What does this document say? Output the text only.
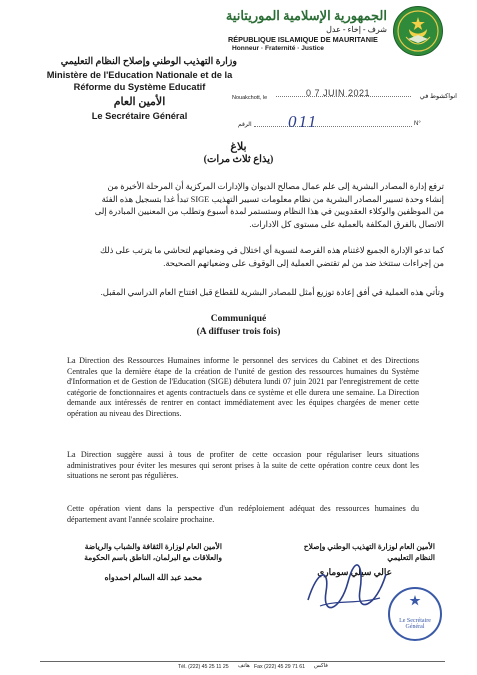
الجمهورية الإسلامية الموريتانية
شرف - إخاء - عدل
RÉPUBLIQUE ISLAMIQUE DE MAURITANIE
Honneur · Fraternité · Justice
وزارة التهذيب الوطني وإصلاح النظام التعليمي
Ministère de l'Education Nationale et de la
Réforme du Système Educatif
الأمين العام
Le Secrétaire Général
Nouakchott, le	0 7 JUIN 2021	انواكشوط في
الرقم 011	N°
بلاغ
(يذاع ثلاث مرات)
ترفع إدارة المصادر البشرية إلى علم عمال مصالح الديوان والإدارات المركزية أن المرحلة الأخيرة من
إنشاء وحدة تسيير المصادر البشرية من نظام معلومات تسيير التهذيب SIGE تبدأ غدا بتسجيل هذه الفئة
من الموظفين والوكلاء العقدويين في هذا النظام وستستمر لمدة أسبوع وتطلب من المعنيين المبادرة إلى
الاتصال بالفرق المكلفة بالعملية على مستوى كل الادارات.
كما تدعو الإدارة الجميع لاغتنام هذه الفرصة لتسوية أي اختلال في وضعياتهم لتحاشي ما يترتب على ذلك
من إجراءات ستتخذ ضد من لم تقتضي العملية إلى الوقوف على وضعياتهم الصحيحة.
وتأتي هذه العملية في أفق إعادة توزيع أمثل للمصادر البشرية للقطاع قبل افتتاح العام الدراسي المقبل.
Communiqué
(A diffuser trois fois)
La Direction des Ressources Humaines informe le personnel des services du Cabinet et des Directions Centrales que la dernière étape de la création de l'unité de gestion des ressources humaines du Système d'Information et de Gestion de l'Education (SIGE) débutera lundi 07 juin 2021 par l'enregistrement de cette catégorie de fonctionnaires et agents contractuels dans ce système et elle durera une semaine. La Direction demande aux intéressés de rentrer en contact immédiatement avec les équipes chargées de mener cette opération au niveau des Directions.
La Direction suggère aussi à tous de profiter de cette occasion pour régulariser leurs situations administratives pour éviter les mesures qui seront prises à la suite de cette opération contre ceux dont les situations ne seront pas régulières.
Cette opération vient dans la perspective d'un redéploiement adéquat des ressources humaines du département avant l'année scolaire prochaine.
الأمين العام لوزارة الثقافة والشباب والرياضة
والعلاقات مع البرلمان، الناطق باسم الحكومة
محمد عبد الله السالم احمدواه
الأمين العام لوزارة التهذيب الوطني وإصلاح
النظام التعليمي
عالي سيلي سوماري
Le Secrétaire
Général
Tél. (222) 45 25 11 25 هاتف Fax (222) 45 29 71 61 فاكس
